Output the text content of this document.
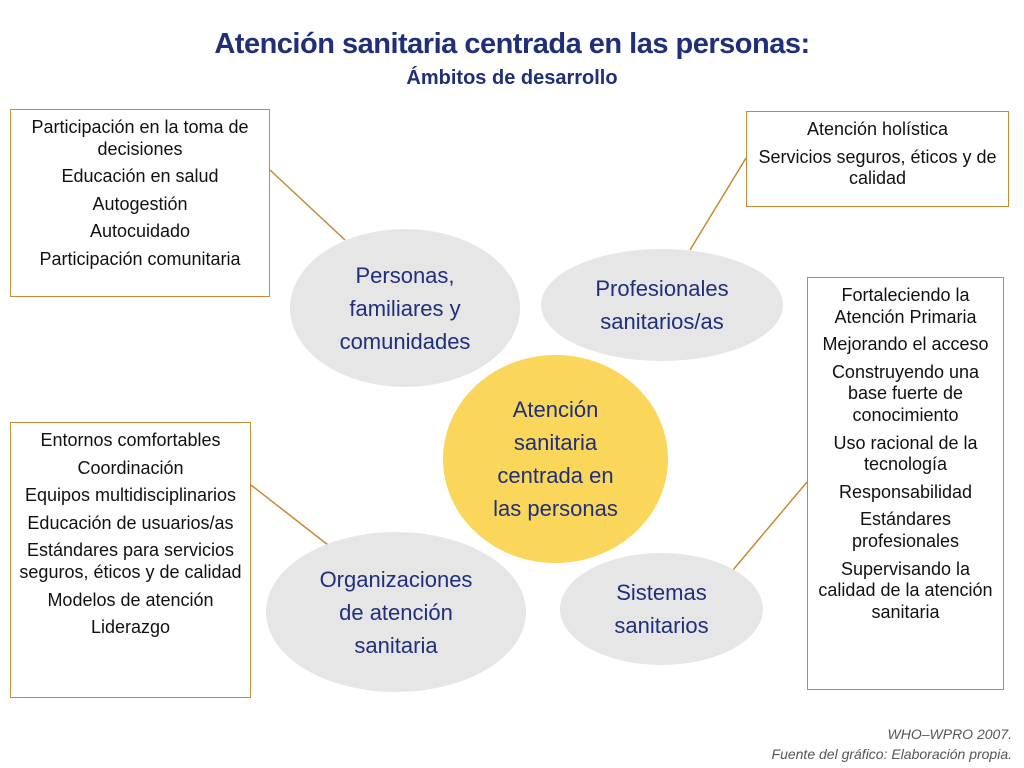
Atención sanitaria centrada en las personas:
Ámbitos de desarrollo
Participación en la toma de decisiones
Educación en salud
Autogestión
Autocuidado
Participación comunitaria
Atención holística
Servicios seguros, éticos y de calidad
Entornos comfortables
Coordinación
Equipos multidisciplinarios
Educación de usuarios/as
Estándares para servicios seguros, éticos y de calidad
Modelos de atención
Liderazgo
Fortaleciendo la Atención Primaria
Mejorando el acceso
Construyendo una base fuerte de conocimiento
Uso racional de la tecnología
Responsabilidad
Estándares profesionales
Supervisando la calidad de la atención sanitaria
Personas,
familiares y
comunidades
Profesionales
sanitarios/as
Organizaciones
de atención
sanitaria
Sistemas
sanitarios
Atención
sanitaria
centrada en
las personas
WHO–WPRO 2007.
Fuente del gráfico: Elaboración propia.
